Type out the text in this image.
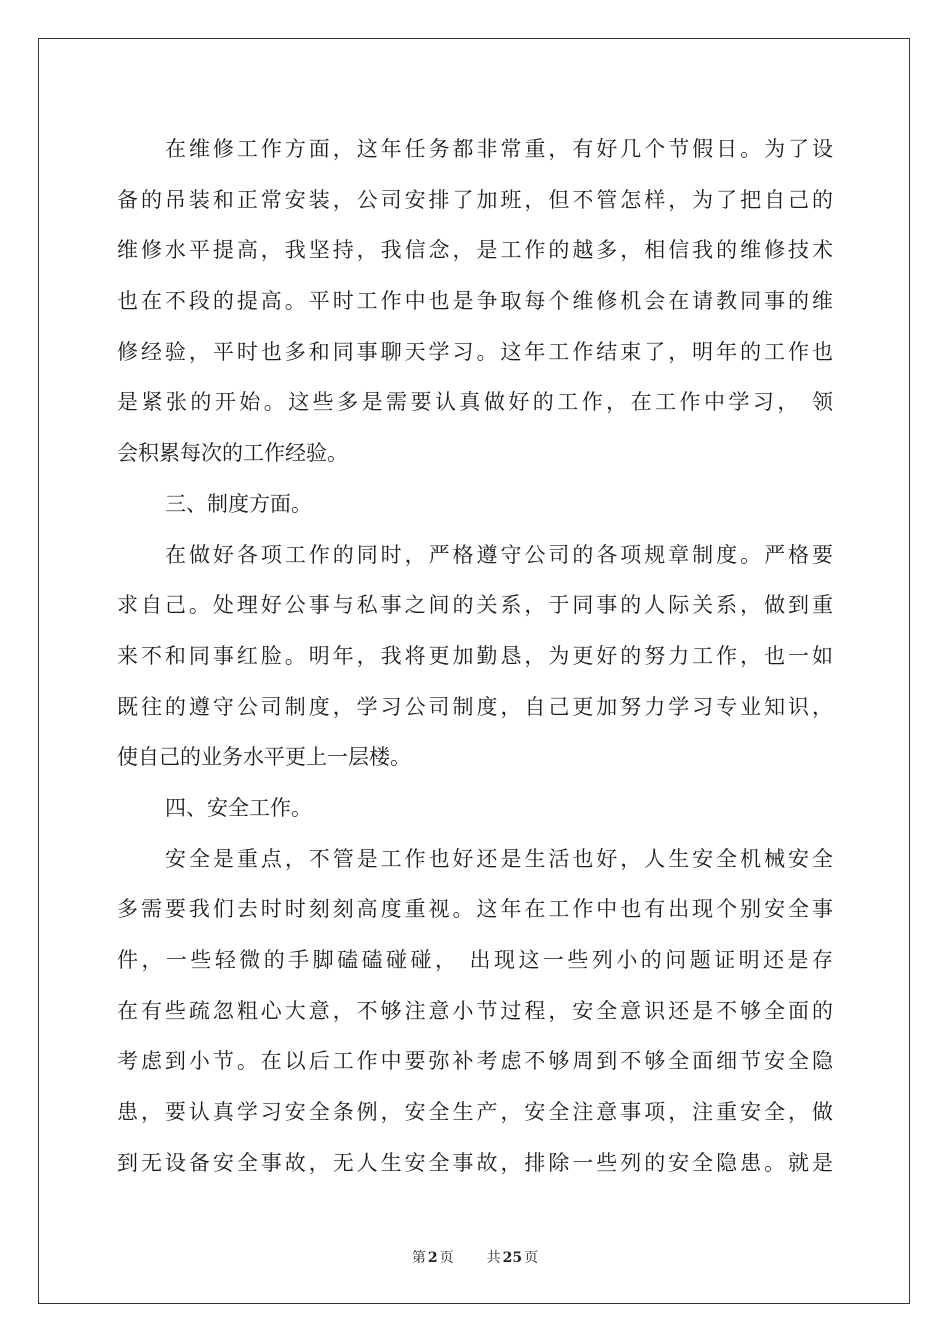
在维修工作方面，这年任务都非常重，有好几个节假日。为了设
备的吊装和正常安装，公司安排了加班，但不管怎样，为了把自己的
维修水平提高，我坚持，我信念，是工作的越多，相信我的维修技术
也在不段的提高。平时工作中也是争取每个维修机会在请教同事的维
修经验，平时也多和同事聊天学习。这年工作结束了，明年的工作也
是紧张的开始。这些多是需要认真做好的工作，在工作中学习， 领
会积累每次的工作经验。
三、制度方面。
在做好各项工作的同时，严格遵守公司的各项规章制度。严格要
求自己。处理好公事与私事之间的关系，于同事的人际关系，做到重
来不和同事红脸。明年，我将更加勤恳，为更好的努力工作，也一如
既往的遵守公司制度，学习公司制度，自己更加努力学习专业知识，
使自己的业务水平更上一层楼。
四、安全工作。
安全是重点，不管是工作也好还是生活也好，人生安全机械安全
多需要我们去时时刻刻高度重视。这年在工作中也有出现个别安全事
件，一些轻微的手脚磕磕碰碰， 出现这一些列小的问题证明还是存
在有些疏忽粗心大意，不够注意小节过程，安全意识还是不够全面的
考虑到小节。在以后工作中要弥补考虑不够周到不够全面细节安全隐
患，要认真学习安全条例，安全生产，安全注意事项，注重安全，做
到无设备安全事故，无人生安全事故，排除一些列的安全隐患。就是
第 2 页 共 25 页
